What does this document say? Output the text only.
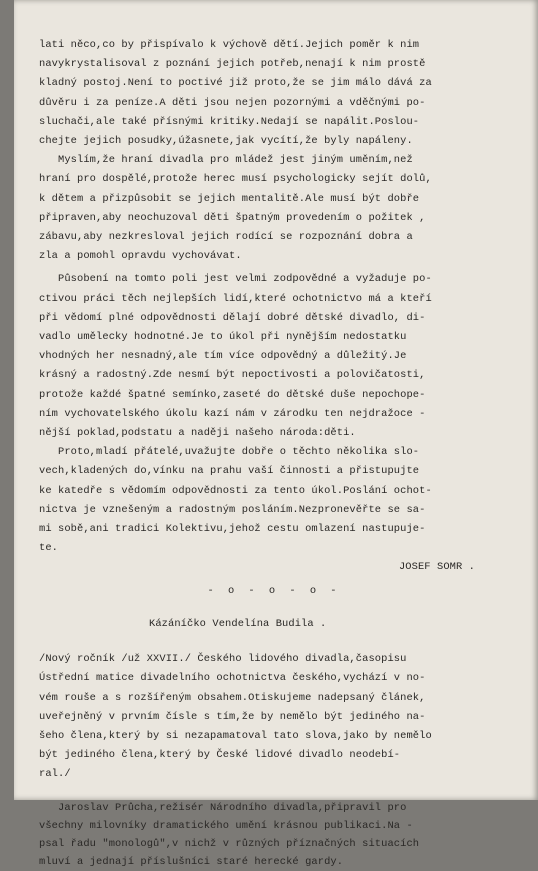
lati něco,co by přispívalo k výchově dětí.Jejich poměr k nim
navykrystalisoval z poznání jejich potřeb,nenají k nim prostě
kladný postoj.Není to poctivé již proto,že se jim málo dává za
důvěru i za peníze.A děti jsou nejen pozornými a vděčnými po-
sluchači,ale také přísnými kritiky.Nedají se napálit.Poslou-
chejte jejich posudky,úžasnete,jak vycítí,že byly napáleny.
Myslím,že hraní divadla pro mládež jest jiným uměním,než
hraní pro dospělé,protože herec musí psychologicky sejít dolů,
k dětem a přizpůsobit se jejich mentalitě.Ale musí být dobře
připraven,aby neochuzoval děti špatným provedením o požitek ,
zábavu,aby nezkresloval jejich rodící se rozpoznání dobra a
zla a pomohl opravdu vychovávat.
Působení na tomto poli jest velmi zodpovědné a vyžaduje po-
ctivou práci těch nejlepších lidí,které ochotnictvo má a kteří
při vědomí plné odpovědnosti dělají dobré dětské divadlo, di-
vadlo umělecky hodnotné.Je to úkol při nynějším nedostatku
vhodných her nesnadný,ale tím více odpovědný a důležitý.Je
krásný a radostný.Zde nesmí být nepoctivosti a polovičatosti,
protože každé špatné semínko,zaseté do dětské duše nepochope-
ním vychovatelského úkolu kazí nám v zárodku ten nejdražoce -
nější poklad,podstatu a naději našeho národa:děti.
Proto,mladí přátelé,uvažujte dobře o těchto několika slo-
vech,kladených do,vínku na prahu vaší činnosti a přistupujte
ke katedře s vědomím odpovědnosti za tento úkol.Poslání ochot-
nictva je vznešeným a radostným posláním.Nezpronevěřte se sa-
mi sobě,ani tradici Kolektivu,jehož cestu omlazení nastupuje-
te.
JOSEF SOMR .
- o - o - o -
Kázáníčko Vendelína Budila .
/Nový ročník /už XXVII./ Českého lidového divadla,časopisu
Ústřední matice divadelního ochotnictva českého,vychází v no-
vém rouše a s rozšířeným obsahem.Otiskujeme nadepsaný článek,
uveřejněný v prvním čísle s tím,že by nemělo být jediného na-
šeho člena,který by si nezapamatoval tato slova,jako by nemělo
být jediného člena,který by České lidové divadlo neodebí-
ral./
Jaroslav Průcha,režisér Národního divadla,připravil pro
všechny milovníky dramatického umění krásnou publikaci.Na -
psal řadu "monologů",v nichž v různých příznačných situacích
mluví a jednají příslušníci staré herecké gardy.
